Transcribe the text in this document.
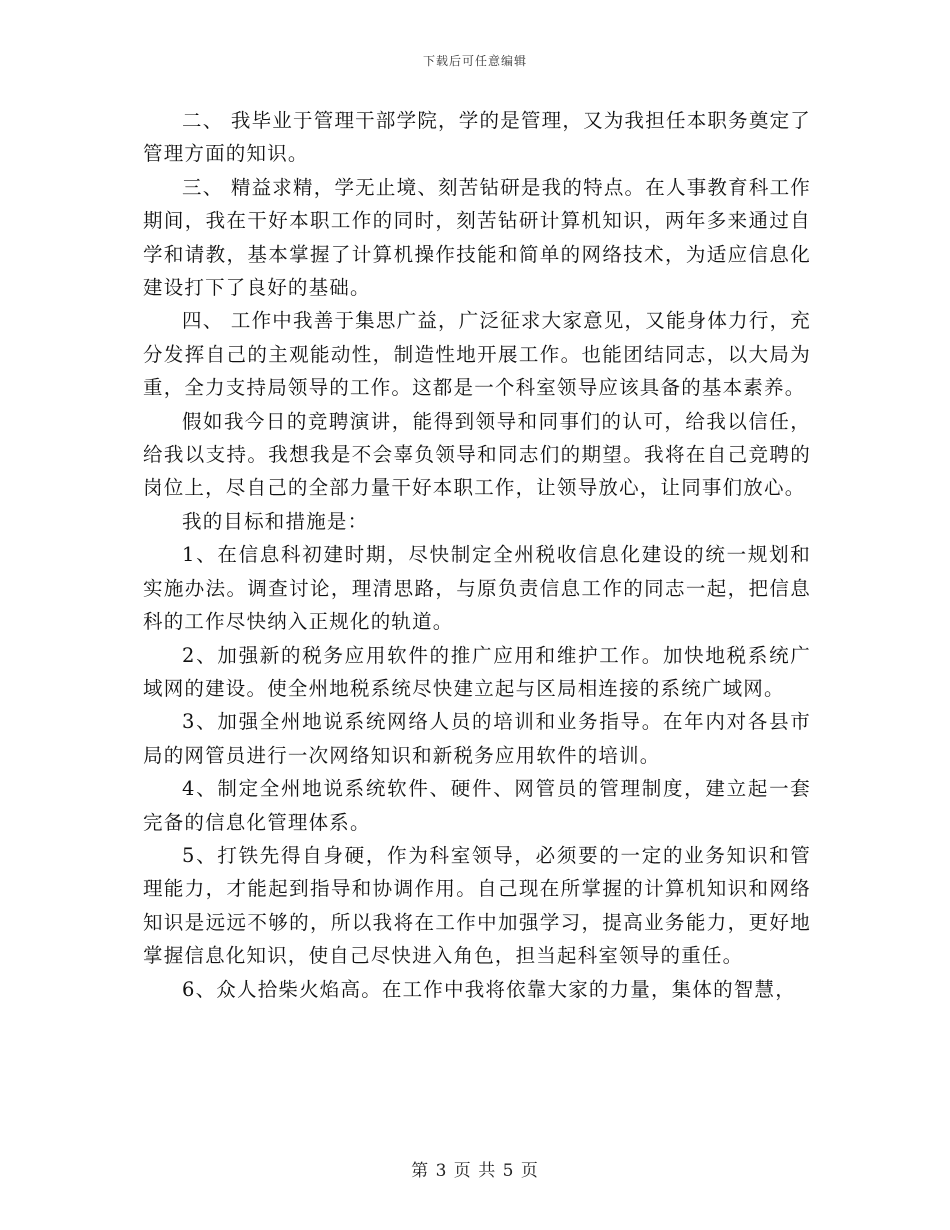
下载后可任意编辑

二、 我毕业于管理干部学院，学的是管理，又为我担任本职务奠定了管理方面的知识。

三、 精益求精，学无止境、刻苦钻研是我的特点。在人事教育科工作期间，我在干好本职工作的同时，刻苦钻研计算机知识，两年多来通过自学和请教，基本掌握了计算机操作技能和简单的网络技术，为适应信息化建设打下了良好的基础。

四、 工作中我善于集思广益，广泛征求大家意见，又能身体力行，充分发挥自己的主观能动性，制造性地开展工作。也能团结同志，以大局为重，全力支持局领导的工作。这都是一个科室领导应该具备的基本素养。

假如我今日的竞聘演讲，能得到领导和同事们的认可，给我以信任，给我以支持。我想我是不会辜负领导和同志们的期望。我将在自己竞聘的岗位上，尽自己的全部力量干好本职工作，让领导放心，让同事们放心。

我的目标和措施是：

1、在信息科初建时期，尽快制定全州税收信息化建设的统一规划和实施办法。调查讨论，理清思路，与原负责信息工作的同志一起，把信息科的工作尽快纳入正规化的轨道。

2、加强新的税务应用软件的推广应用和维护工作。加快地税系统广域网的建设。使全州地税系统尽快建立起与区局相连接的系统广域网。

3、加强全州地说系统网络人员的培训和业务指导。在年内对各县市局的网管员进行一次网络知识和新税务应用软件的培训。

4、制定全州地说系统软件、硬件、网管员的管理制度，建立起一套完备的信息化管理体系。

5、打铁先得自身硬，作为科室领导，必须要的一定的业务知识和管理能力，才能起到指导和协调作用。自己现在所掌握的计算机知识和网络知识是远远不够的，所以我将在工作中加强学习，提高业务能力，更好地掌握信息化知识，使自己尽快进入角色，担当起科室领导的重任。

6、众人拾柴火焰高。在工作中我将依靠大家的力量，集体的智慧，

第 3 页 共 5 页
